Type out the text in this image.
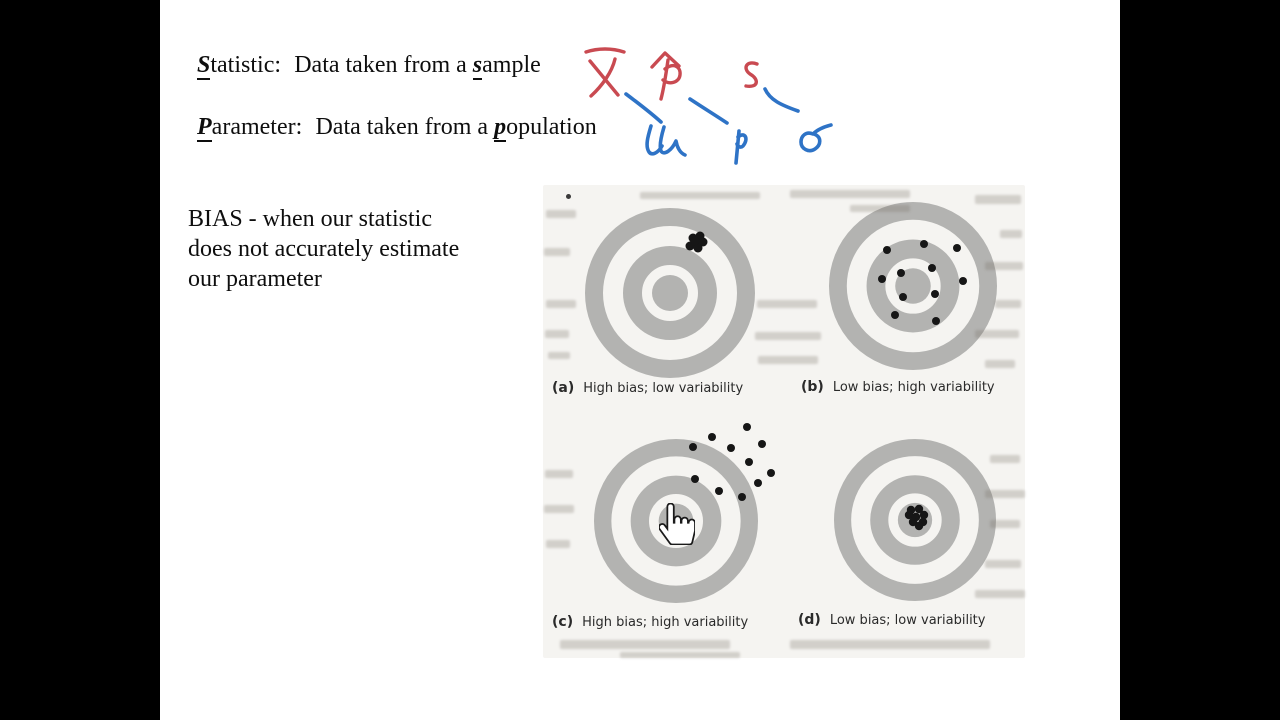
Statistic: Data taken from a sample
Parameter: Data taken from a population
BIAS - when our statistic
does not accurately estimate
our parameter
(a) High bias; low variability	(b) Low bias; high variability
(c) High bias; high variability	(d) Low bias; low variability
